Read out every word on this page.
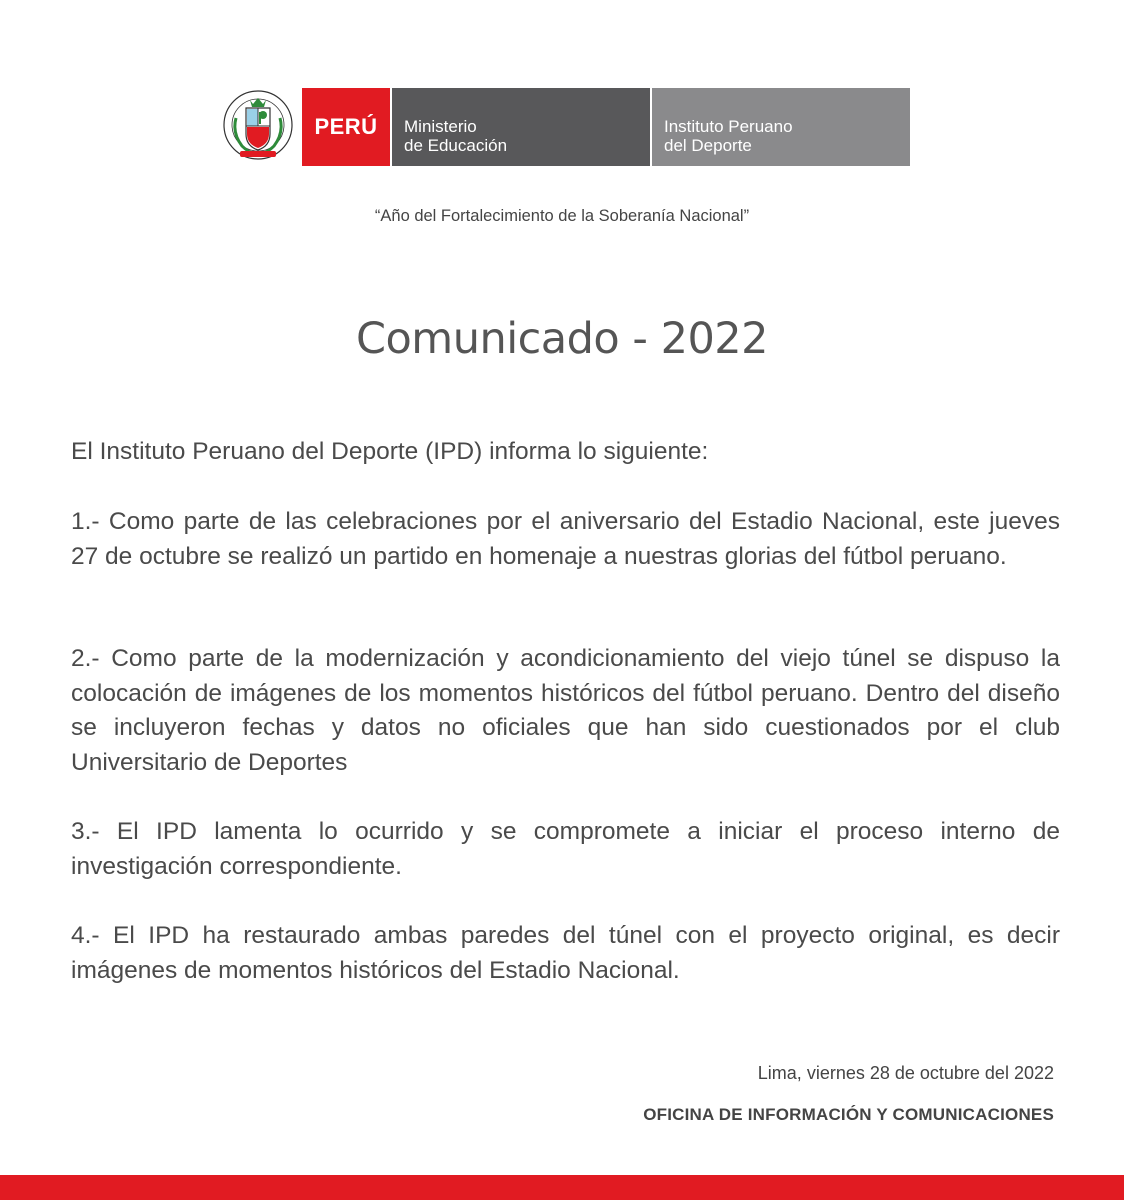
PERÚ Ministerio
de Educación
Instituto Peruano
del Deporte
“Año del Fortalecimiento de la Soberanía Nacional”
Comunicado - 2022
El Instituto Peruano del Deporte (IPD) informa lo siguiente:
1.- Como parte de las celebraciones por el aniversario del Estadio Nacional, este jueves 27 de octubre se realizó un partido en homenaje a nuestras glorias del fútbol peruano.
2.- Como parte de la modernización y acondicionamiento del viejo túnel se dispuso la colocación de imágenes de los momentos históricos del fútbol peruano. Dentro del diseño se incluyeron fechas y datos no oficiales que han sido cuestionados por el club Universitario de Deportes
3.- El IPD lamenta lo ocurrido y se compromete a iniciar el proceso interno de investigación correspondiente.
4.- El IPD ha restaurado ambas paredes del túnel con el proyecto original, es decir imágenes de momentos históricos del Estadio Nacional.
Lima, viernes 28 de octubre del 2022
OFICINA DE INFORMACIÓN Y COMUNICACIONES
